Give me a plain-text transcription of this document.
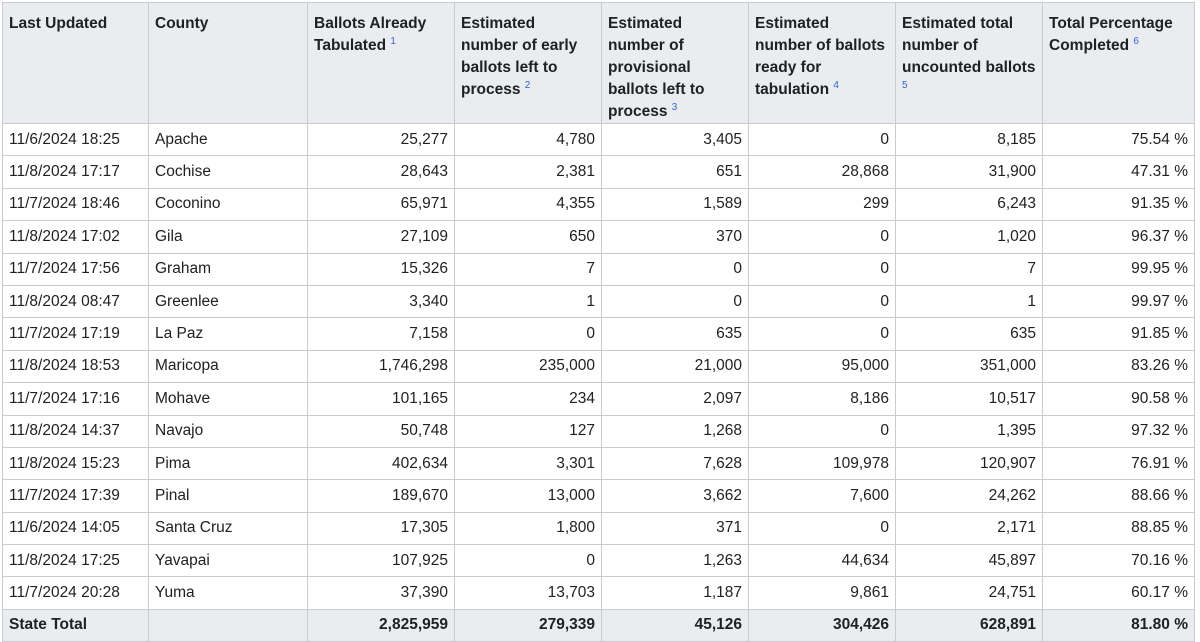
Last Updated	County	Ballots Already Tabulated $^1$	Estimated number of early ballots left to process $^2$	Estimated number of provisional ballots left to process $^3$	Estimated number of ballots ready for tabulation $^4$	Estimated total number of uncounted ballots $^5$	Total Percentage Completed $^6$
11/6/2024 18:25	Apache	25,277	4,780	3,405	0	8,185	75.54 %
11/8/2024 17:17	Cochise	28,643	2,381	651	28,868	31,900	47.31 %
11/7/2024 18:46	Coconino	65,971	4,355	1,589	299	6,243	91.35 %
11/8/2024 17:02	Gila	27,109	650	370	0	1,020	96.37 %
11/7/2024 17:56	Graham	15,326	7	0	0	7	99.95 %
11/8/2024 08:47	Greenlee	3,340	1	0	0	1	99.97 %
11/7/2024 17:19	La Paz	7,158	0	635	0	635	91.85 %
11/8/2024 18:53	Maricopa	1,746,298	235,000	21,000	95,000	351,000	83.26 %
11/7/2024 17:16	Mohave	101,165	234	2,097	8,186	10,517	90.58 %
11/8/2024 14:37	Navajo	50,748	127	1,268	0	1,395	97.32 %
11/8/2024 15:23	Pima	402,634	3,301	7,628	109,978	120,907	76.91 %
11/7/2024 17:39	Pinal	189,670	13,000	3,662	7,600	24,262	88.66 %
11/6/2024 14:05	Santa Cruz	17,305	1,800	371	0	2,171	88.85 %
11/8/2024 17:25	Yavapai	107,925	0	1,263	44,634	45,897	70.16 %
11/7/2024 20:28	Yuma	37,390	13,703	1,187	9,861	24,751	60.17 %
State Total		2,825,959	279,339	45,126	304,426	628,891	81.80 %
